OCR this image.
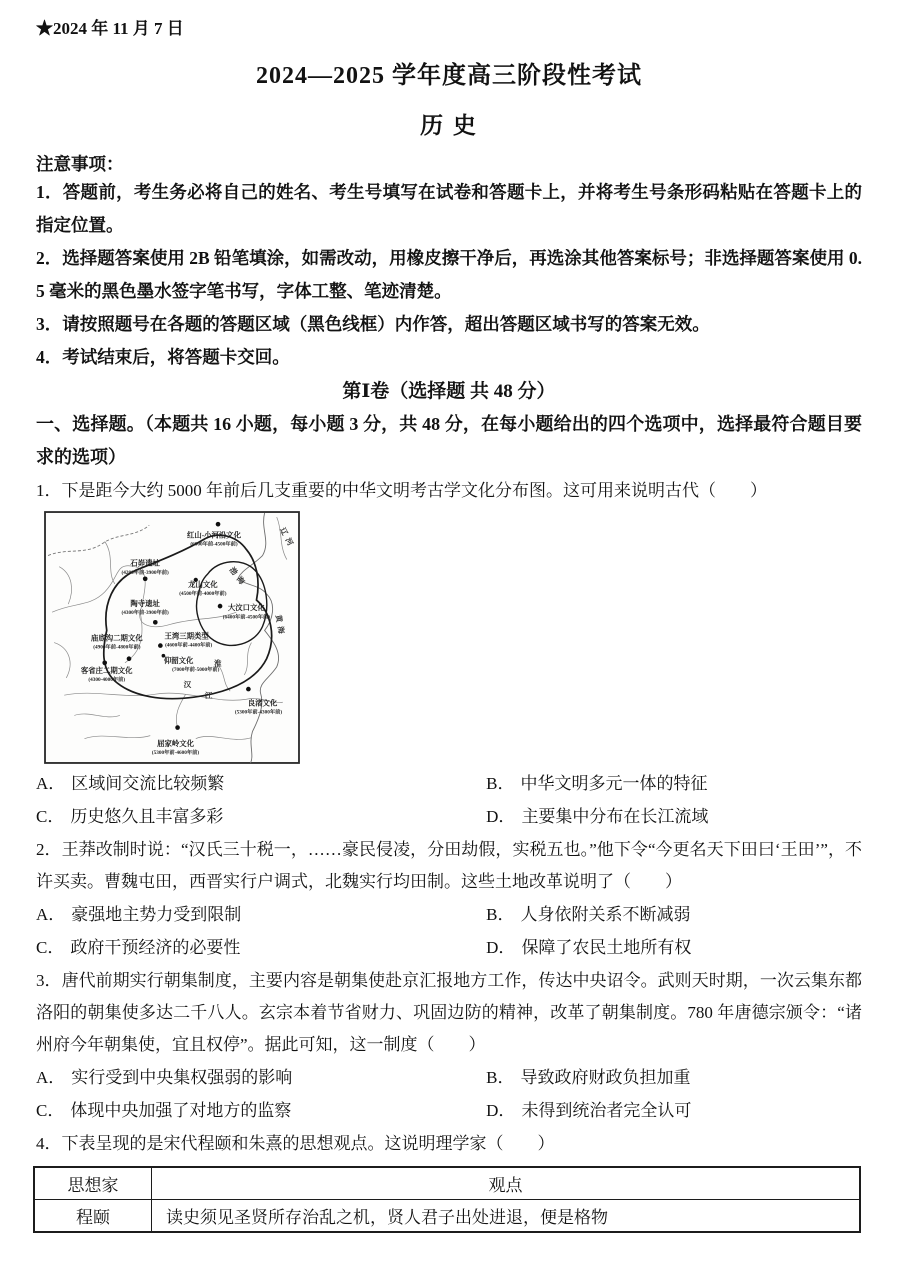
★2024 年 11 月 7 日
2024—2025 学年度高三阶段性考试
历 史
注意事项：

1．答题前，考生务必将自己的姓名、考生号填写在试卷和答题卡上，并将考生号条形码粘贴在答题卡上的指定位置。

2．选择题答案使用 2B 铅笔填涂，如需改动，用橡皮擦干净后，再选涂其他答案标号；非选择题答案使用 0. 5 毫米的黑色墨水签字笔书写，字体工整、笔迹清楚。

3．请按照题号在各题的答题区域（黑色线框）内作答，超出答题区域书写的答案无效。

4．考试结束后，将答题卡交回。

第Ⅰ卷（选择题 共 48 分）

一、选择题。（本题共 16 小题，每小题 3 分，共 48 分，在每小题给出的四个选项中，选择最符合题目要求的选项）

1．下是距今大约 5000 年前后几支重要的中华文明考古学文化分布图。这可用来说明古代（　　）

红山-小河沿文化
(6000年前-4500年前)
石峁遗址
(4200年前-3900年前)
龙山文化
(4500年前-4000年前)
大汶口文化
(6400年前-4500年前)
陶寺遗址
(4300年前-3900年前)
庙底沟二期文化
(4900年前-4800年前)
王湾三期类型
(4600年前-4400年前)
仰韶文化
(7000年前-5000年前)
客省庄二期文化
(4300-4000年前)
良渚文化
(5300年前-4300年前)
屈家岭文化
(5300年前-4600年前)
渤海
黄海
辽河
汉
江
淮
A． 区域间交流比较频繁	B． 中华文明多元一体的特征
C． 历史悠久且丰富多彩	D． 主要集中分布在长江流域

2．王莽改制时说：“汉氏三十税一，……豪民侵凌，分田劫假，实税五也。”他下令“今更名天下田曰‘王田’”，不许买卖。曹魏屯田，西晋实行户调式，北魏实行均田制。这些土地改革说明了（　　）

A． 豪强地主势力受到限制	B． 人身依附关系不断减弱
C． 政府干预经济的必要性	D． 保障了农民土地所有权

3．唐代前期实行朝集制度，主要内容是朝集使赴京汇报地方工作，传达中央诏令。武则天时期，一次云集东都洛阳的朝集使多达二千八人。玄宗本着节省财力、巩固边防的精神，改革了朝集制度。780 年唐德宗颁令：“诸州府今年朝集使，宜且权停”。据此可知，这一制度（　　）

A． 实行受到中央集权强弱的影响	B． 导致政府财政负担加重
C． 体现中央加强了对地方的监察	D． 未得到统治者完全认可

4．下表呈现的是宋代程颐和朱熹的思想观点。这说明理学家（　　）

思想家	观点
程颐	读史须见圣贤所存治乱之机，贤人君子出处进退，便是格物
